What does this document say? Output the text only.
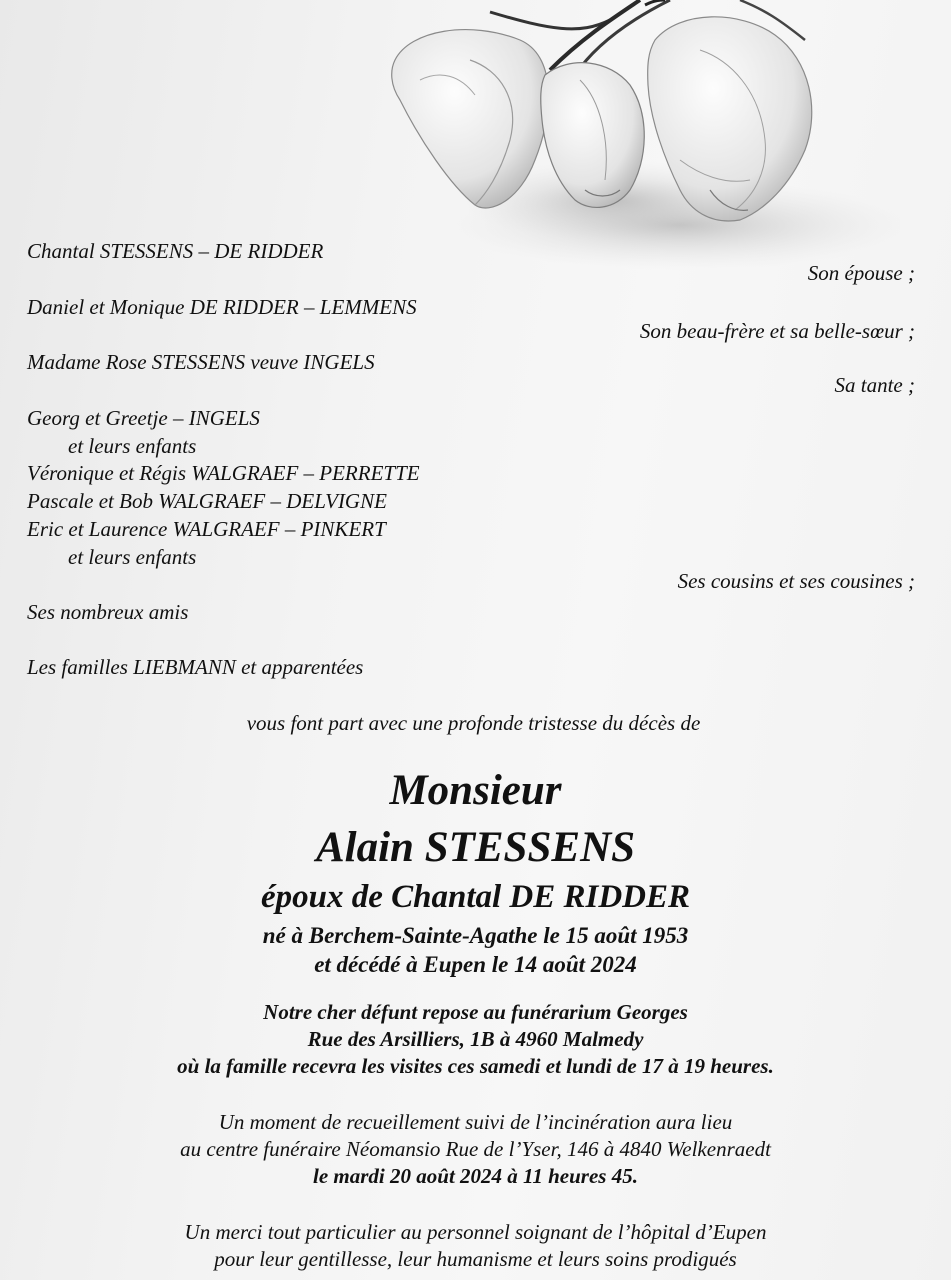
Chantal STESSENS – DE RIDDER
Son épouse ;
Daniel et Monique DE RIDDER – LEMMENS
Son beau-frère et sa belle-sœur ;
Madame Rose STESSENS veuve INGELS
Sa tante ;
Georg et Greetje – INGELS
et leurs enfants
Véronique et Régis WALGRAEF – PERRETTE
Pascale et Bob WALGRAEF – DELVIGNE
Eric et Laurence WALGRAEF – PINKERT
et leurs enfants
Ses cousins et ses cousines ;
Ses nombreux amis
Les familles LIEBMANN et apparentées
vous font part avec une profonde tristesse du décès de
Monsieur
Alain STESSENS
époux de Chantal DE RIDDER
né à Berchem-Sainte-Agathe le 15 août 1953
et décédé à Eupen le 14 août 2024
Notre cher défunt repose au funérarium Georges
Rue des Arsilliers, 1B à 4960 Malmedy
où la famille recevra les visites ces samedi et lundi de 17 à 19 heures.
Un moment de recueillement suivi de l’incinération aura lieu
au centre funéraire Néomansio Rue de l’Yser, 146 à 4840 Welkenraedt
le mardi 20 août 2024 à 11 heures 45.
Un merci tout particulier au personnel soignant de l’hôpital d’Eupen
pour leur gentillesse, leur humanisme et leurs soins prodigués
